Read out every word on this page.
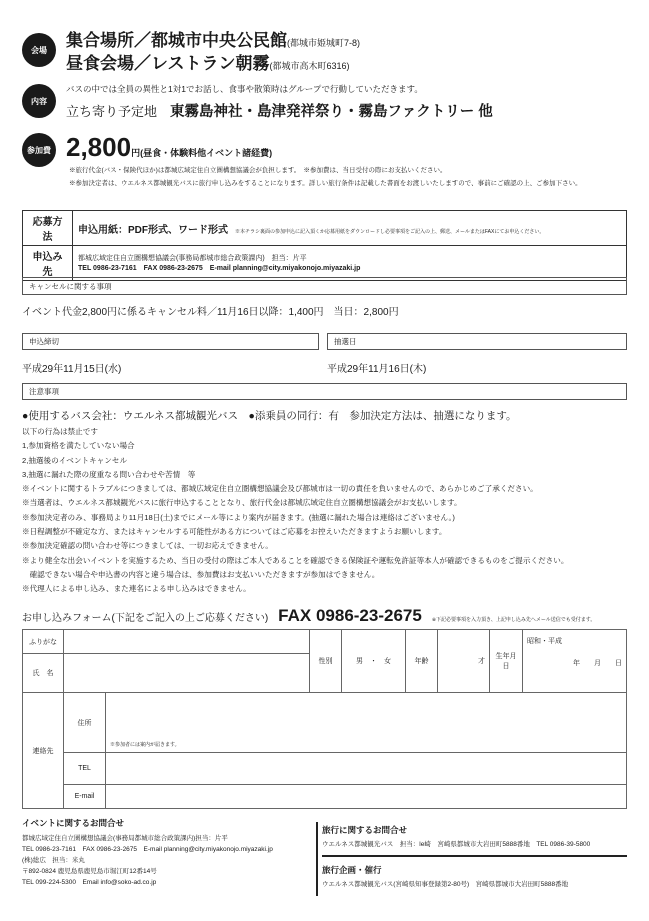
会場	集合場所／都城市中央公民館(都城市姫城町7-8)
昼食会場／レストラン朝霧(都城市高木町6316)
内容
バスの中では全員の異性と1対1でお話し、食事や散策時はグループで行動していただきます。
立ち寄り予定地　 東霧島神社・島津発祥祭り・霧島ファクトリー 他
参加費 2,800円(昼食・体験料他イベント諸経費)
※旅行代金(バス・保険代ほか)は都城広域定住自立圏構想協議会が負担します。　※参加費は、当日受付の際にお支払いください。
※参加決定者は、ウエルネス都城観光バスに旅行申し込みをすることになります。詳しい旅行条件は記載した書面をお渡しいたしますので、事前にご確認の上、ご参加下さい。
応募方法	申込用紙：PDF形式、ワード形式　 ※本チラシ裏面の参加申込に記入頂くか応募用紙をダウンロードし必要事項をご記入の上、郵送、メールまたはFAXにてお申込ください。
申込み先	都城広域定住自立圏構想協議会(事務局都城市総合政策課内)　担当：片平
TEL 0986-23-7161　FAX 0986-23-2675　E-mail planning@city.miyakonojo.miyazaki.jp
キャンセルに関する事項
イベント代金2,800円に係るキャンセル料／11月16日以降：1,400円　当日：2,800円
申込締切
平成29年11月15日(水)
抽選日
平成29年11月16日(木)
注意事項
●使用するバス会社：ウエルネス都城観光バス　●添乗員の同行：有　参加決定方法は、抽選になります。
以下の行為は禁止です
1,参加資格を満たしていない場合
2,抽選後のイベントキャンセル
3,抽選に漏れた際の度重なる問い合わせや苦情　等
※イベントに関するトラブルにつきましては、都城広域定住自立圏構想協議会及び都城市は一切の責任を負いませんので、あらかじめご了承ください。
※当選者は、ウエルネス都城観光バスに旅行申込することとなり、旅行代金は都城広域定住自立圏構想協議会がお支払いします。
※参加決定者のみ、事務局より11月18日(土)までにメール等により案内が届きます。(抽選に漏れた場合は連絡はございません。)
※日程調整が不確定な方、またはキャンセルする可能性がある方についてはご応募をお控えいただきますようお願いします。
※参加決定確認の問い合わせ等につきましては、一切お応えできません。
※より健全な出会いイベントを実施するため、当日の受付の際はご本人であることを確認できる保険証や運転免許証等本人が確認できるものをご提示ください。
　確認できない場合や申込書の内容と違う場合は、参加費はお支払いいただきますが参加はできません。
※代理人による申し込み、また連名による申し込みはできません。
お申し込みフォーム(下記をご記入の上ご応募ください)　 FAX 0986-23-2675　 ※下記必要事項を入力頂き、上記申し込み先へメール送信でも受付ます。
ふりがな			性別	男　・　女	年齢	才	生年月日	昭和・平成
年　　月　　日

氏　名								
連絡先	住所	※参加者には案内が届きます。						
	TEL							
	E-mail							
イベントに関するお問合せ
都城広域定住自立圏構想協議会(事務局都城市総合政策課内)担当：片平
TEL 0986-23-7161　FAX 0986-23-2675　E-mail planning@city.miyakonojo.miyazaki.jp
(株)総広　担当：米丸
〒892-0824 鹿児島県鹿児島市堀江町12番14号
TEL 099-224-5300　Email info@soko-ad.co.jp
旅行に関するお問合せ
ウエルネス都城観光バス　担当：le崎　宮崎県都城市大岩田町5888番地　TEL 0986-39-5800
旅行企画・催行
ウエルネス都城観光バス(宮崎県知事登録第2-80号)　宮崎県都城市大岩田町5888番地
